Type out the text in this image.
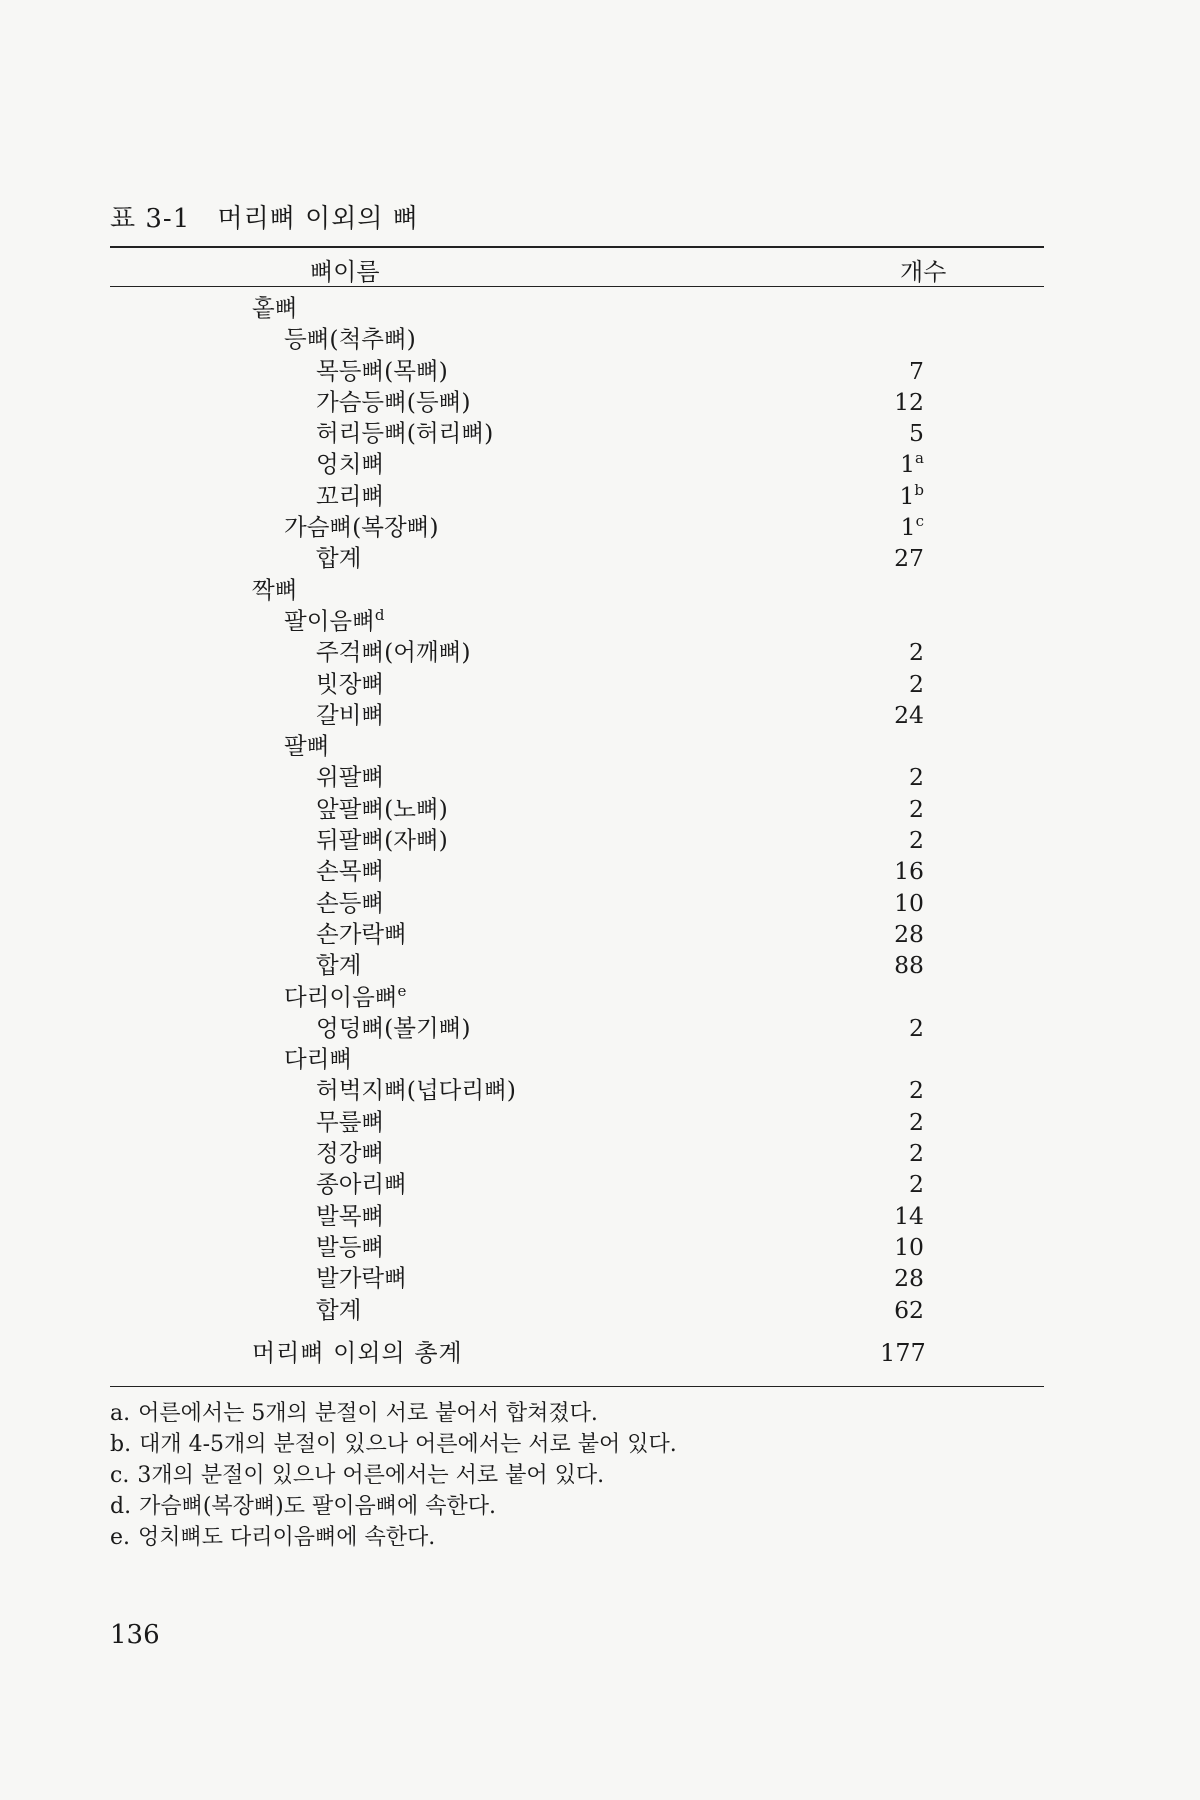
표 3-1 머리뼈 이외의 뼈
뼈이름	개수
홑뼈
등뼈(척추뼈)
목등뼈(목뼈)	7
가슴등뼈(등뼈)	12
허리등뼈(허리뼈)	5
엉치뼈	1$^a$
꼬리뼈	1$^b$
가슴뼈(복장뼈)	1$^c$
합계	27
짝뼈
팔이음뼈$^d$
주걱뼈(어깨뼈)	2
빗장뼈	2
갈비뼈	24
팔뼈
위팔뼈	2
앞팔뼈(노뼈)	2
뒤팔뼈(자뼈)	2
손목뼈	16
손등뼈	10
손가락뼈	28
합계	88
다리이음뼈$^e$
엉덩뼈(볼기뼈)	2
다리뼈
허벅지뼈(넙다리뼈)	2
무릎뼈	2
정강뼈	2
종아리뼈	2
발목뼈	14
발등뼈	10
발가락뼈	28
합계	62
머리뼈 이외의 총계	177
a. 어른에서는 5개의 분절이 서로 붙어서 합쳐졌다.
b. 대개 4-5개의 분절이 있으나 어른에서는 서로 붙어 있다.
c. 3개의 분절이 있으나 어른에서는 서로 붙어 있다.
d. 가슴뼈(복장뼈)도 팔이음뼈에 속한다.
e. 엉치뼈도 다리이음뼈에 속한다.
136
